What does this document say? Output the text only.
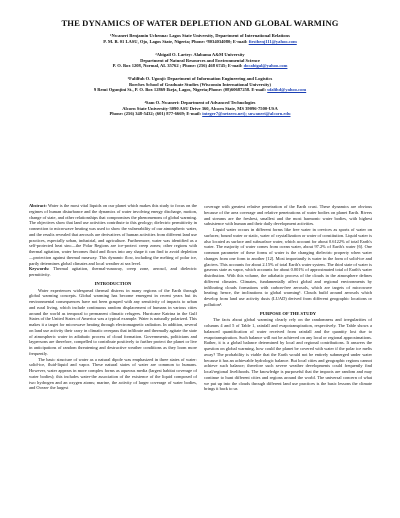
THE DYNAMICS OF WATER DEPLETION AND GLOBAL WARMING
¹Nwaneri Benjamin Uchenna: Lagos State University, Department of International Relations
P. M. B. 01 LASU, Ojo, Lagos State, Nigeria; Phone: ²8034034080; E-mail: firstbenj111@yahoo.com
²Abigail O. Lartey: Alabama A&M University
Department of Natural Resources and Environmental Science
P. O. Box 1208, Normal, AL 35762 ; Phone: (256) 468 6745; E-mail: docabigal@yahoo.com
³Falilfuh O. Ugonji: Department of Information Engineering and Logistics
Borches School of Graduate Studies (Wisconsin International University)
9 Remi Ogunjini St., P. O. Box 12869 Ikeja, Lagos, Nigeria;Phone: (08)60687258. E-mail: ufalihd@yahoo.com
⁴Sam O. Nwaneri: Department of Advanced Technologies
Alcorn State University-3090 ASU Drive 360, Alcorn State, MS 39096-7500-USA
Phone: (256) 348-5432; (601) 877-6669; E-mail: integer7@netzero.net); snwaneri@alcorn.edu

Abstract: Water is the most vital liquids on our planet which makes this study to focus on the regimes of human disturbance and the dynamics of water involving energy discharge, motion, change of state, and other relationships that compromises the phenomenons of global warming. The objectives show that land use activities contribute to this geology; dielectric permittivity in connection to microwave heating was used to show the vulnerability of our atmospheric water, and the results revealed that aerosols are derivatives of human activities from different land use practices, especially urban, industrial, and agriculture. Furthermore, water was identified as a self-protected heat sinc—the Polar Regions are ice-protect creep zones; other regions with thermal agitation, water becomes fluid and flows into any shape it can find to avoid depletion—protection against thermal runaway. This dynamic flow, including the melting of polar ice, partly determines global climates and local weather at sea level.

Keywords: Thermal agitation, thermal-runaway, creep zone, aerosol, and dielectric permittivity.

INTRODUCTION

Water experiences widespread thermal distress in many regions of the Earth through global warming concepts. Global warming has become emergent in recent years but its environmental consequences have not been grasped with any sensitivity of impacts to urban and rural living, which include continuous random displacement of humans in various cities around the world as temporal to permanent climatic refugees. Hurricane Katrina in the Gulf States of the United States of America was a typical example. Water is naturally polarized. This makes it a target for microwave heating through electromagnetic radiation. In addition, several on land use activity their carry in climatic overpass that infiltrate and thermally agitate the state of atmospheric water in adiabatic process of cloud formation. Governments, politicians and laypersons are therefore, compelled to contribute positively to further protect the planet or live in anticipations of random threatening and destructive weather conditions as they loom more frequently.

The basic structure of water as a natural dipole was emphasized in three states of water: solid-ice, fluid-liquid and vapor. These natural states of water are common to humans. However, water appears in more complex forms as aqueous media (largest habitat coverage of water bodies); this includes water-the association of the existence of the liquid composed of two hydrogen and an oxygen atoms; marine, the activity of larger coverage of water bodies, and Ocean- the largest

coverage with greatest relative penetration of the Earth crust. These dynamics are obvious because of the area coverage and relative penetrations of water bodies on planet Earth. Rivers and streams are the freshest, smallest and the most harmonic water bodies, with highest subsistence with human and their daily development activities.

Liquid water occurs in different forms like free water in crevices as sports of water on surfaces; bound water or static, water of crystallization or water of constitution. Liquid water is also located as surface and subsurface water, which account for about 0.6122% of total Earth's water. The majority of water comes from ocean water, about 97.2% of Earth's water [6]. One common parameter of these forms of water is the changing dielectric property when water changes from one form to another [12]. Most importantly is water in the form of solid-ice and glaciers. This accounts for about 2.15% of total Earth's water system. The third state of water is gaseous state as vapor, which accounts for about 0.001% of approximated total of Earth's water distribution. With this volume, the adiabatic process of the clouds in the atmosphere defines different climates. Climates, fundamentally affect global and regional environments by infiltrating clouds formations with carbon-free aerosols, which are targets of microwave heating; hence, the inclinations to global warming¹. Clouds build around aerosols which develop from land use activity dusts (LUAD) derived from different geographic locations or pollution².

PURPOSE OF THE STUDY

The facts about global warming clearly rely on the randomness and irregularities of columns 4 and 5 of Table 1, rainfall and evapotranspiration, respectively. The Table shows a balanced quantification of water received from rainfall and the quantity lost due to evapotranspiration. Such balance will not be achieved on any local or regional approximations. Rather, it is a global balance determined by local and regional contributions. It answers the question on global warming, how could the planet be covered with water if the polar ice melts away? The probability is viable that the Earth would not be entirely submerged under water because it has an achievable hydrologic balance. But local cities and geographic regions cannot achieve such balance; therefore such severe weather developments could frequently find local/regional livelihoods. The knowledge is purposeful that the impacts are random and may continue to hunt different cities and regions around the world. The universal concern of what we put up into the clouds through different land use practices is the basic lessons the climate brings it back to us
